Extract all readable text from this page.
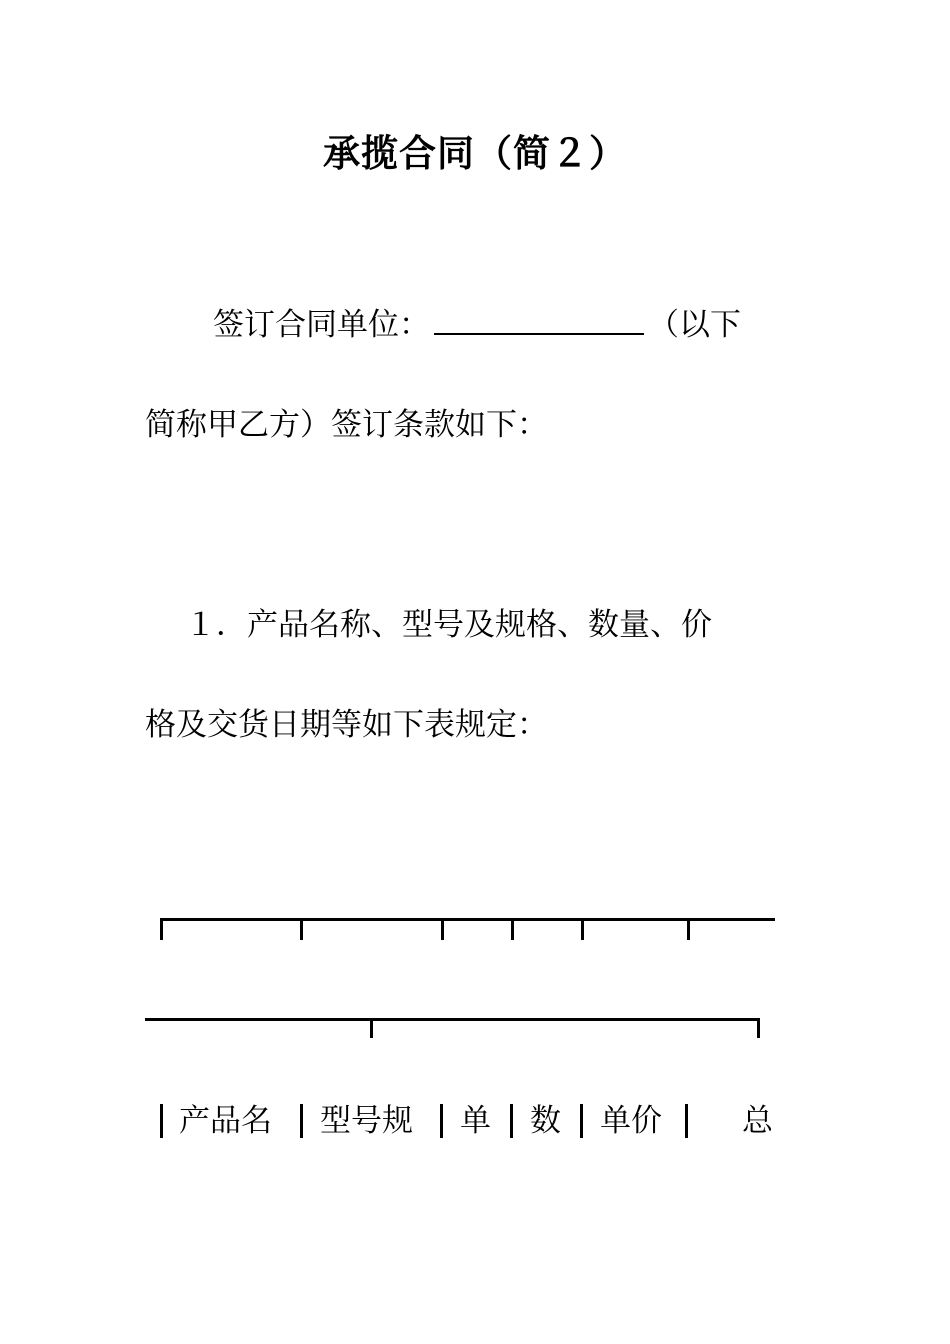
承揽合同（简２）
签订合同单位：	（以下
简称甲乙方）签订条款如下：
１．产品名称、型号及规格、数量、价
格及交货日期等如下表规定：
产品名 型号规 单 数 单价	总
